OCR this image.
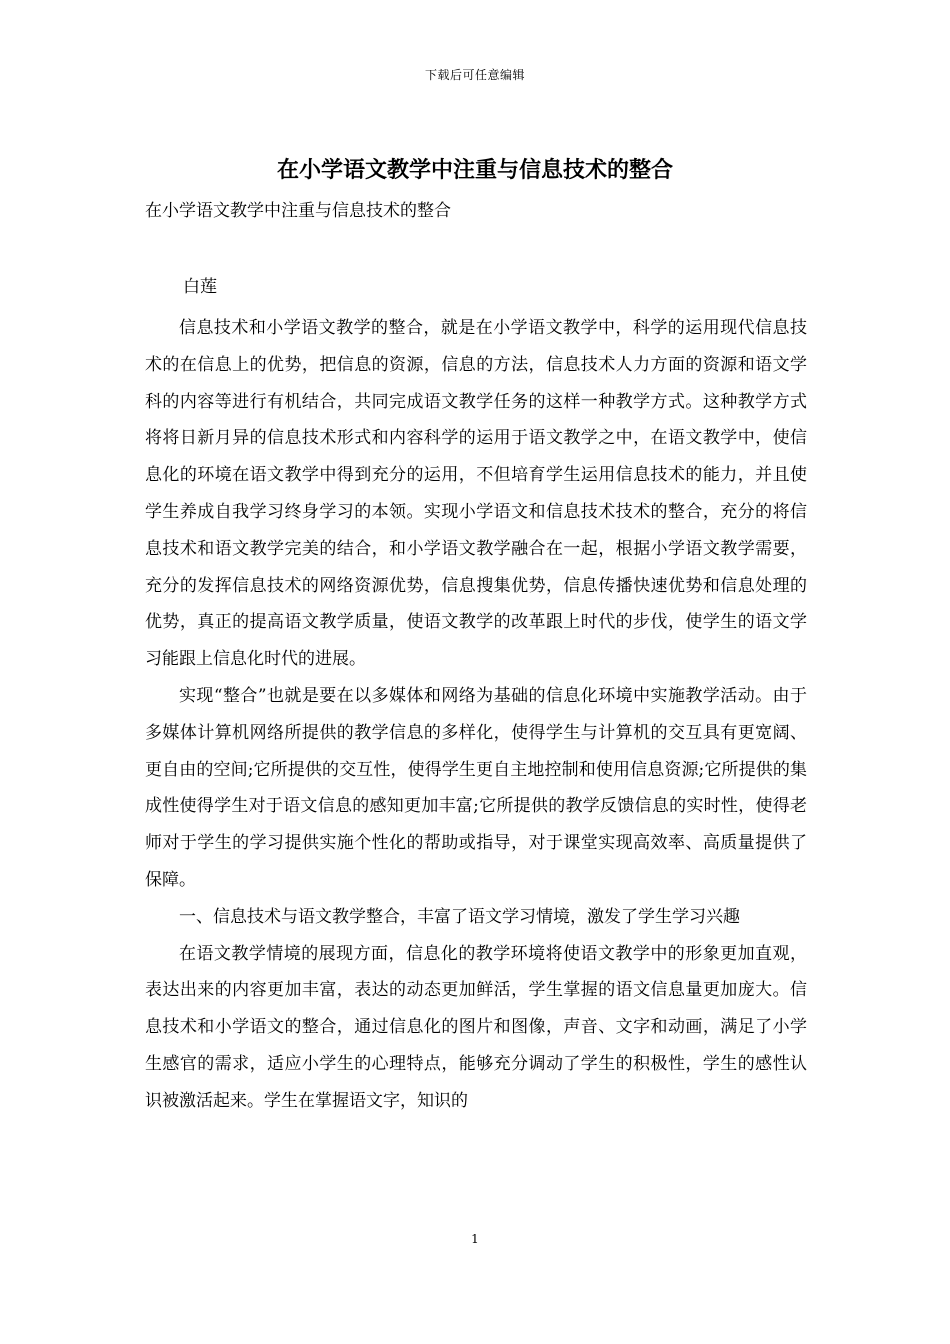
下载后可任意编辑
在小学语文教学中注重与信息技术的整合

在小学语文教学中注重与信息技术的整合

白莲

信息技术和小学语文教学的整合，就是在小学语文教学中，科学的运用现代信息技术的在信息上的优势，把信息的资源，信息的方法，信息技术人力方面的资源和语文学科的内容等进行有机结合，共同完成语文教学任务的这样一种教学方式。这种教学方式将将日新月异的信息技术形式和内容科学的运用于语文教学之中，在语文教学中，使信息化的环境在语文教学中得到充分的运用，不但培育学生运用信息技术的能力，并且使学生养成自我学习终身学习的本领。实现小学语文和信息技术技术的整合，充分的将信息技术和语文教学完美的结合，和小学语文教学融合在一起，根据小学语文教学需要，充分的发挥信息技术的网络资源优势，信息搜集优势，信息传播快速优势和信息处理的优势，真正的提高语文教学质量，使语文教学的改革跟上时代的步伐，使学生的语文学习能跟上信息化时代的进展。

实现“整合”也就是要在以多媒体和网络为基础的信息化环境中实施教学活动。由于多媒体计算机网络所提供的教学信息的多样化，使得学生与计算机的交互具有更宽阔、更自由的空间;它所提供的交互性，使得学生更自主地控制和使用信息资源;它所提供的集成性使得学生对于语文信息的感知更加丰富;它所提供的教学反馈信息的实时性，使得老师对于学生的学习提供实施个性化的帮助或指导，对于课堂实现高效率、高质量提供了保障。

一、信息技术与语文教学整合，丰富了语文学习情境，激发了学生学习兴趣

在语文教学情境的展现方面，信息化的教学环境将使语文教学中的形象更加直观，表达出来的内容更加丰富，表达的动态更加鲜活，学生掌握的语文信息量更加庞大。信息技术和小学语文的整合，通过信息化的图片和图像，声音、文字和动画，满足了小学生感官的需求，适应小学生的心理特点，能够充分调动了学生的积极性，学生的感性认识被激活起来。学生在掌握语文字，知识的

1
